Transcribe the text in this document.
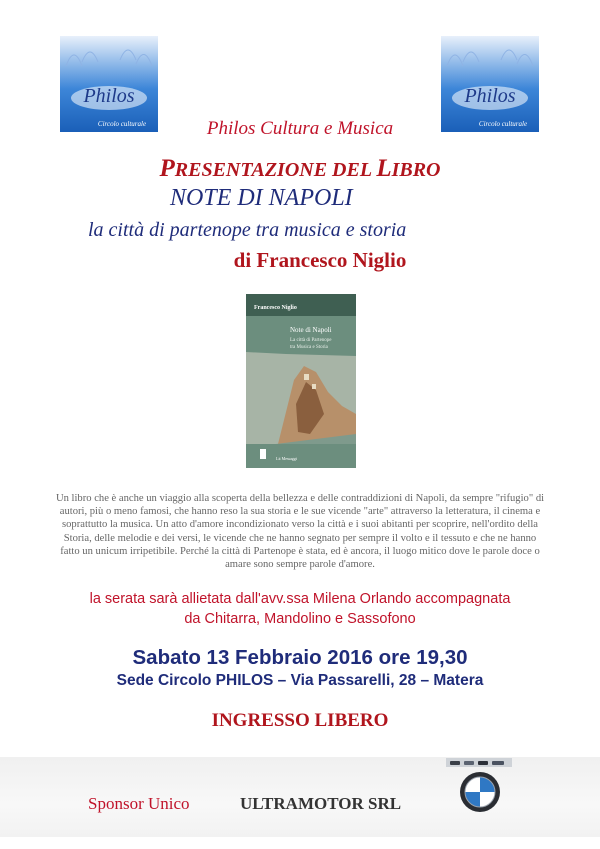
Philos
Circolo culturale
Philos
Circolo culturale
Philos Cultura e Musica
PRESENTAZIONE DEL LIBRO
NOTE DI NAPOLI
la città di partenope tra musica e storia
di Francesco Niglio
Francesco Niglio
Note di Napoli
La città di Partenope
tra Musica e Storia
Lit Messaggi
Un libro che è anche un viaggio alla scoperta della bellezza e delle contraddizioni di Napoli, da sempre "rifugio" di autori, più o meno famosi, che hanno reso la sua storia e le sue vicende "arte" attraverso la letteratura, il cinema e soprattutto la musica. Un atto d'amore incondizionato verso la città e i suoi abitanti per scoprire, nell'ordito della Storia, delle melodie e dei versi, le vicende che ne hanno segnato per sempre il volto e il tessuto e che ne hanno fatto un unicum irripetibile. Perché la città di Partenope è stata, ed è ancora, il luogo mitico dove le parole doce o amare sono sempre parole d'amore.
la serata sarà allietata dall'avv.ssa Milena Orlando accompagnata
da Chitarra, Mandolino e Sassofono
Sabato 13 Febbraio 2016 ore 19,30
Sede Circolo PHILOS – Via Passarelli, 28 – Matera
INGRESSO LIBERO
Sponsor Unico	ULTRAMOTOR SRL
